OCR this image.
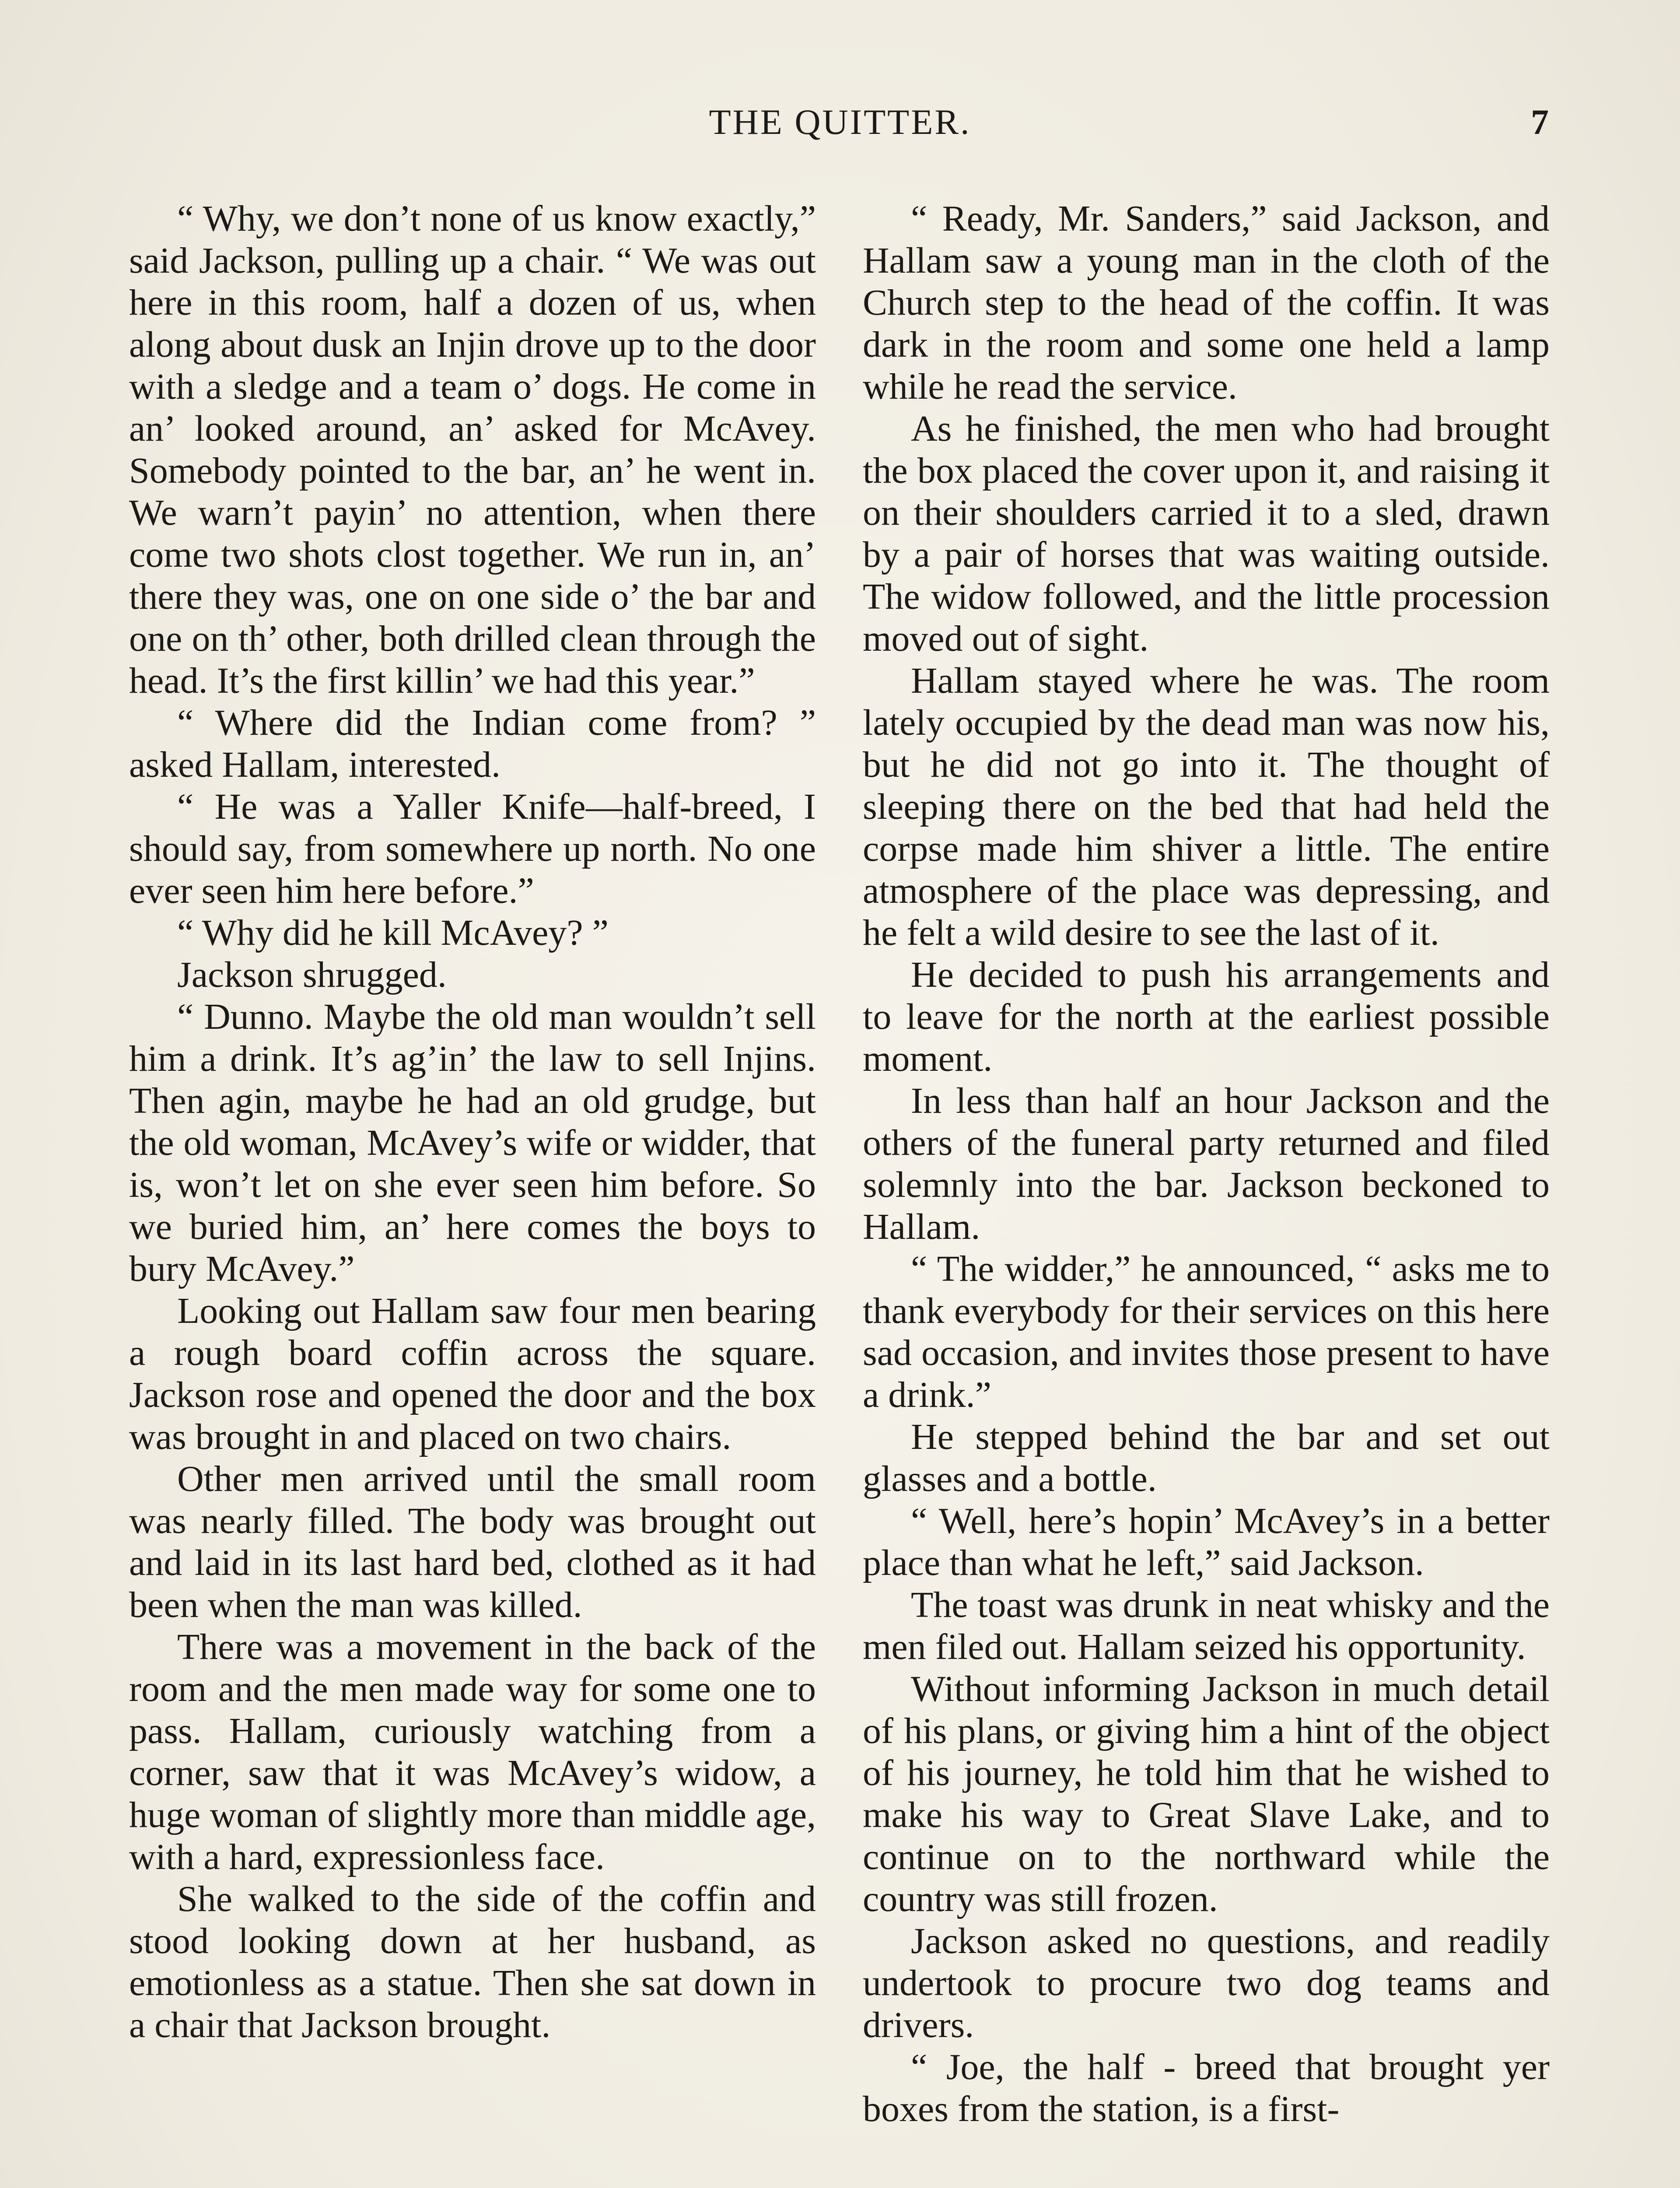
THE QUITTER.	7

“ Why, we don’t none of us know exactly,” said Jackson, pulling up a chair. “ We was out here in this room, half a dozen of us, when along about dusk an Injin drove up to the door with a sledge and a team o’ dogs. He come in an’ looked around, an’ asked for McAvey. Somebody pointed to the bar, an’ he went in. We warn’t payin’ no attention, when there come two shots clost together. We run in, an’ there they was, one on one side o’ the bar and one on th’ other, both drilled clean through the head. It’s the first killin’ we had this year.”

“ Where did the Indian come from? ” asked Hallam, interested.

“ He was a Yaller Knife—half-breed, I should say, from somewhere up north. No one ever seen him here before.”

“ Why did he kill McAvey? ”

Jackson shrugged.

“ Dunno. Maybe the old man wouldn’t sell him a drink. It’s ag’in’ the law to sell Injins. Then agin, maybe he had an old grudge, but the old woman, McAvey’s wife or widder, that is, won’t let on she ever seen him before. So we buried him, an’ here comes the boys to bury McAvey.”

Looking out Hallam saw four men bearing a rough board coffin across the square. Jackson rose and opened the door and the box was brought in and placed on two chairs.

Other men arrived until the small room was nearly filled. The body was brought out and laid in its last hard bed, clothed as it had been when the man was killed.

There was a movement in the back of the room and the men made way for some one to pass. Hallam, curiously watching from a corner, saw that it was McAvey’s widow, a huge woman of slightly more than middle age, with a hard, expressionless face.

She walked to the side of the coffin and stood looking down at her husband, as emotionless as a statue. Then she sat down in a chair that Jackson brought.

“ Ready, Mr. Sanders,” said Jackson, and Hallam saw a young man in the cloth of the Church step to the head of the coffin. It was dark in the room and some one held a lamp while he read the service.

As he finished, the men who had brought the box placed the cover upon it, and raising it on their shoulders carried it to a sled, drawn by a pair of horses that was waiting outside. The widow followed, and the little procession moved out of sight.

Hallam stayed where he was. The room lately occupied by the dead man was now his, but he did not go into it. The thought of sleeping there on the bed that had held the corpse made him shiver a little. The entire atmosphere of the place was depressing, and he felt a wild desire to see the last of it.

He decided to push his arrangements and to leave for the north at the earliest possible moment.

In less than half an hour Jackson and the others of the funeral party returned and filed solemnly into the bar. Jackson beckoned to Hallam.

“ The widder,” he announced, “ asks me to thank everybody for their services on this here sad occasion, and invites those present to have a drink.”

He stepped behind the bar and set out glasses and a bottle.

“ Well, here’s hopin’ McAvey’s in a better place than what he left,” said Jackson.

The toast was drunk in neat whisky and the men filed out. Hallam seized his opportunity.

Without informing Jackson in much detail of his plans, or giving him a hint of the object of his journey, he told him that he wished to make his way to Great Slave Lake, and to continue on to the northward while the country was still frozen.

Jackson asked no questions, and readily undertook to procure two dog teams and drivers.

“ Joe, the half - breed that brought yer boxes from the station, is a first-
